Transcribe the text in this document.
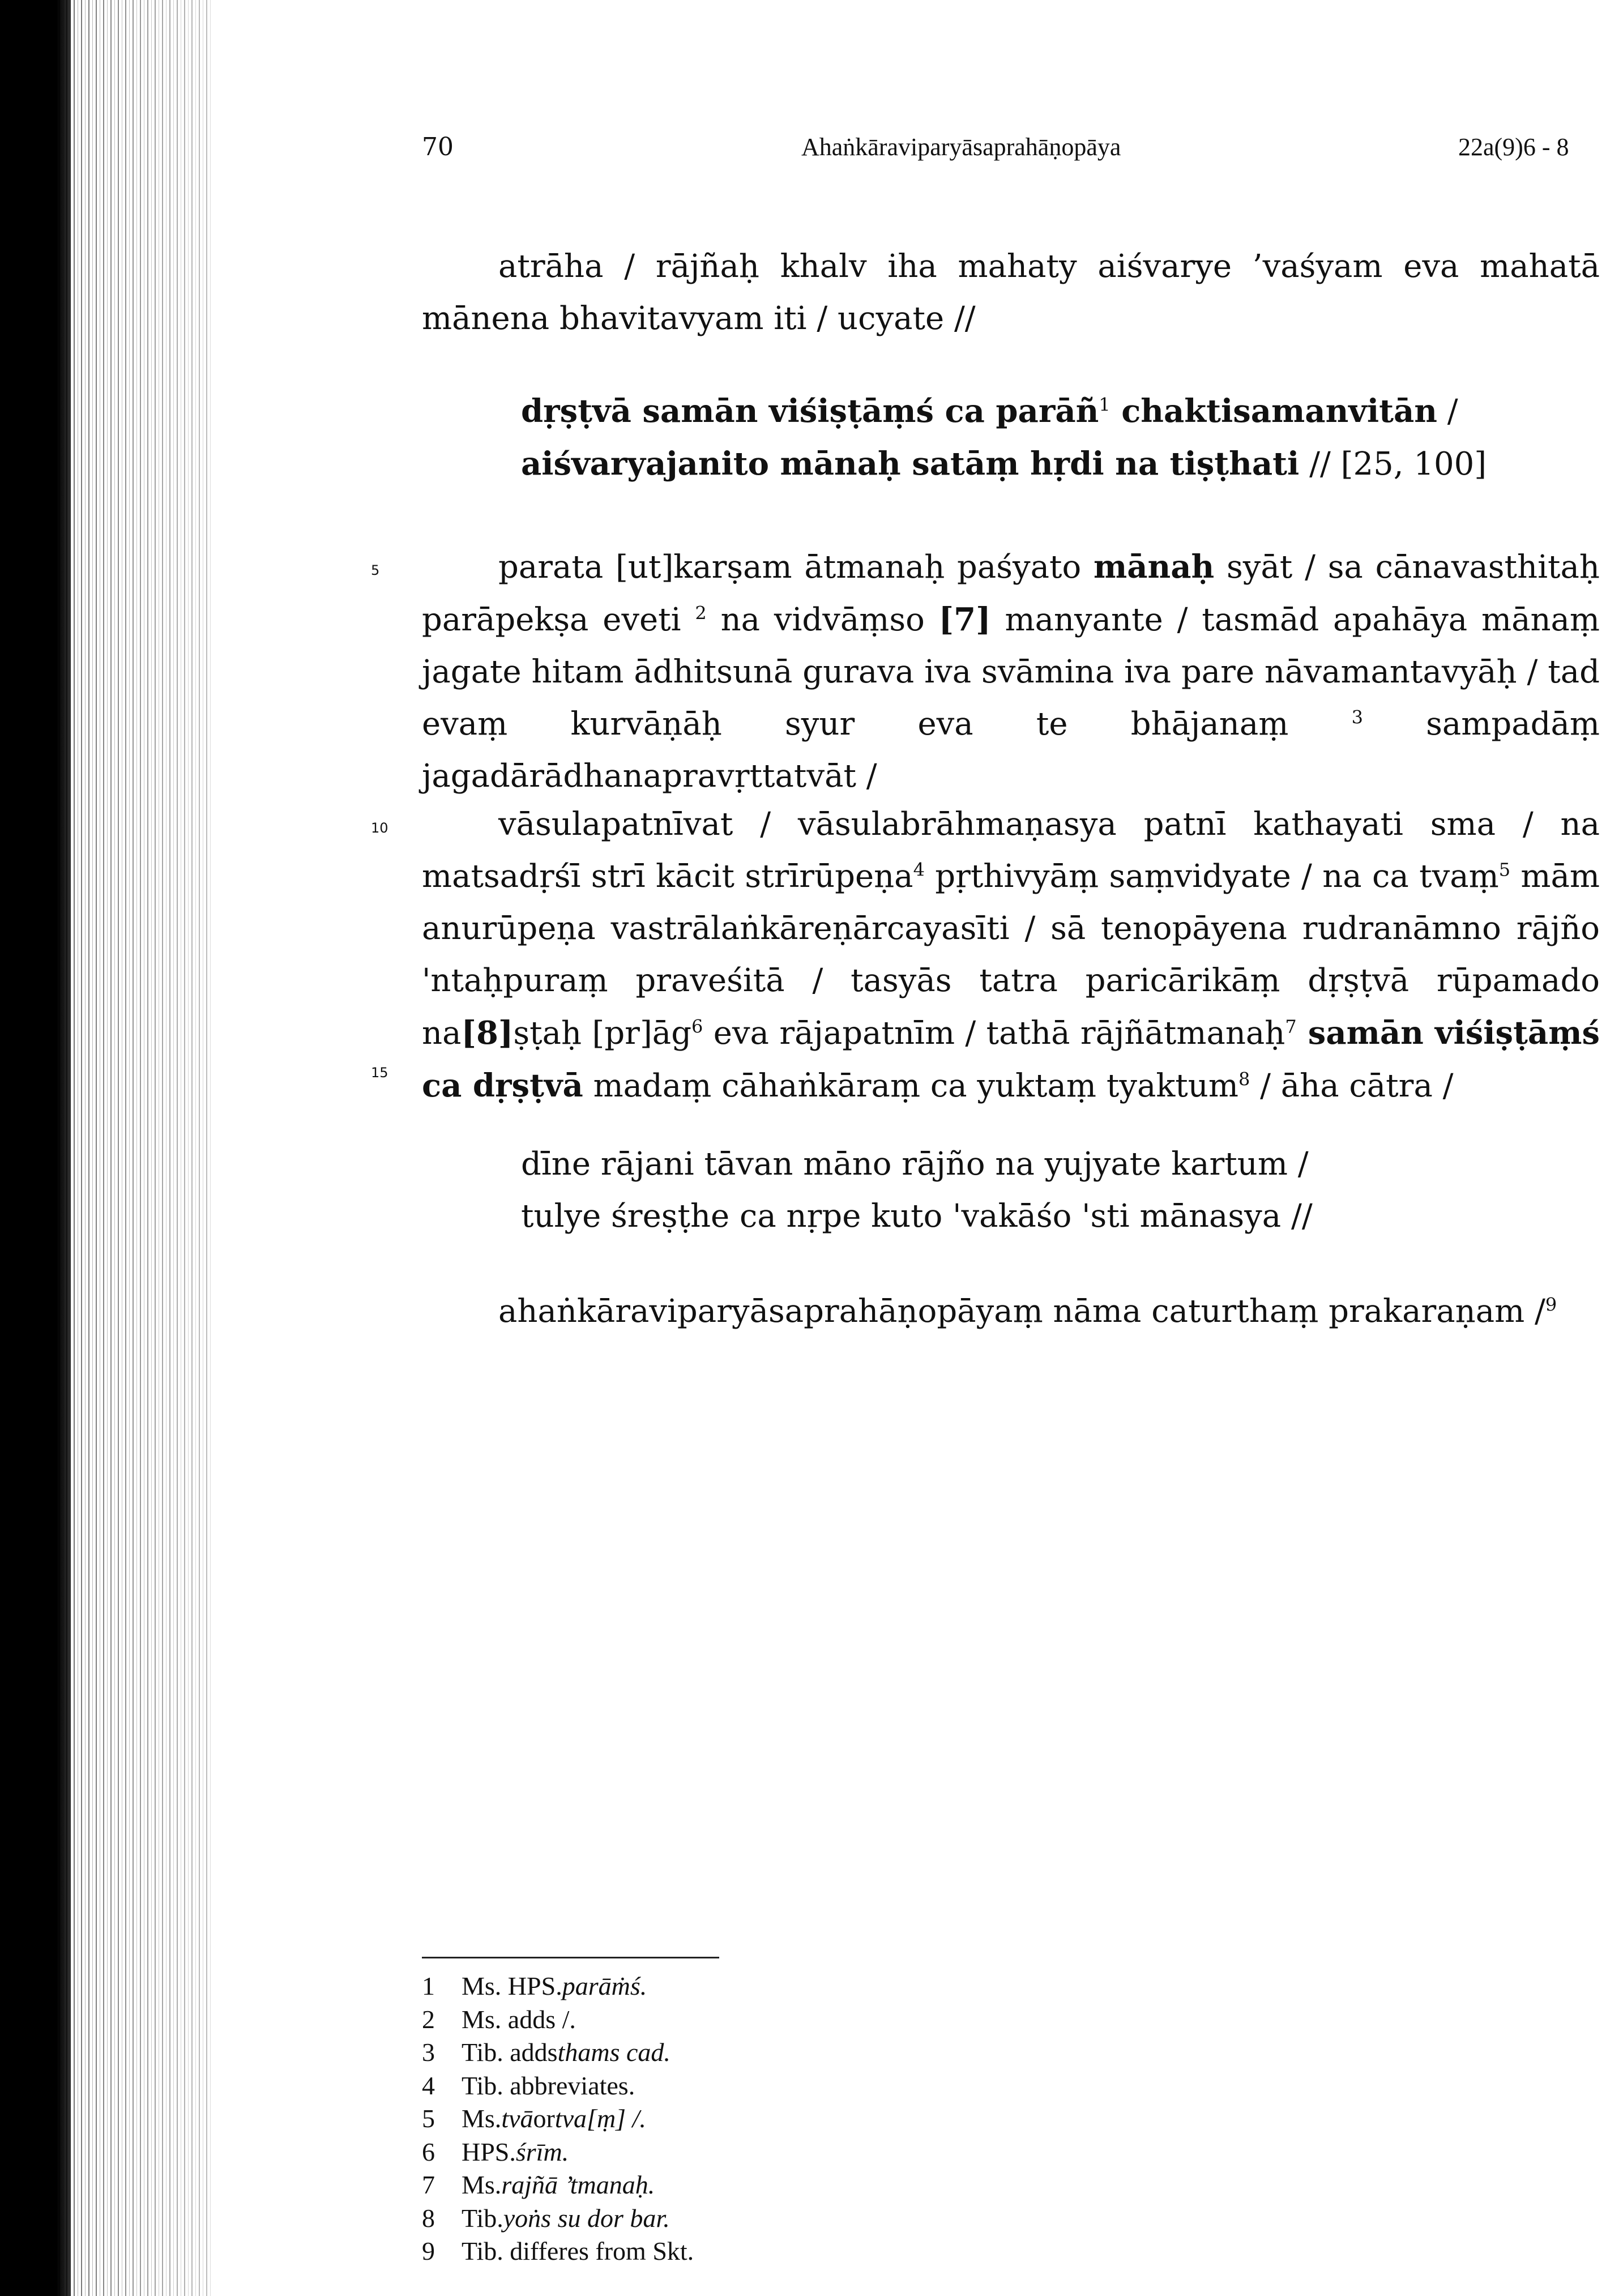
70	Ahaṅkāraviparyāsaprahāṇopāya	22a(9)6 - 8
atrāha / rājñaḥ khalv iha mahaty aiśvarye ’vaśyam eva mahatā mānena bhavitavyam iti / ucyate //
dṛṣṭvā samān viśiṣṭāṃś ca parāñ$^1$ chaktisamanvitān /
aiśvaryajanito mānaḥ satāṃ hṛdi na tiṣṭhati // [25, 100]
5	parata [ut]karṣam ātmanaḥ paśyato mānaḥ syāt / sa cānavasthitaḥ parāpekṣa eveti $^2$ na vidvāṃso [7] manyante / tasmād apahāya mānaṃ jagate hitam ādhitsunā gurava iva svāmina iva pare nāvamantavyāḥ / tad evaṃ kurvāṇāḥ syur eva te bhājanaṃ $^3$ sampadāṃ jagadārādhanapravṛttatvāt /
10
15
vāsulapatnīvat / vāsulabrāhmaṇasya patnī kathayati sma / na matsadṛśī strī kācit strīrūpeṇa$^4$ pṛthivyāṃ saṃvidyate / na ca tvaṃ$^5$ mām anurūpeṇa vastrālaṅkāreṇārcayasīti / sā tenopāyena rudranāmno rājño 'ntaḥpuraṃ praveśitā / tasyās tatra paricārikāṃ dṛṣṭvā rūpamado na[8]ṣṭaḥ $[pr]āg^6$ eva rājapatnīm / tathā rājñātmanaḥ$^7$ samān viśiṣṭāṃś ca dṛṣṭvā madaṃ cāhaṅkāraṃ ca yuktaṃ tyaktum$^8$ / āha cātra /
dīne rājani tāvan māno rājño na yujyate kartum /
tulye śreṣṭhe ca nṛpe kuto 'vakāśo 'sti mānasya //
ahaṅkāraviparyāsaprahāṇopāyaṃ nāma caturthaṃ prakaraṇam /$^9$
1	Ms. HPS. parāṁś.
2	Ms. adds /.
3	Tib. adds thams cad.
4	Tib. abbreviates.
5	Ms. tvā or tva[ṃ] /.
6	HPS. śrīm.
7	Ms. rajñā ’tmanaḥ.
8	Tib. yoṅs su dor bar.
9	Tib. differes from Skt.
